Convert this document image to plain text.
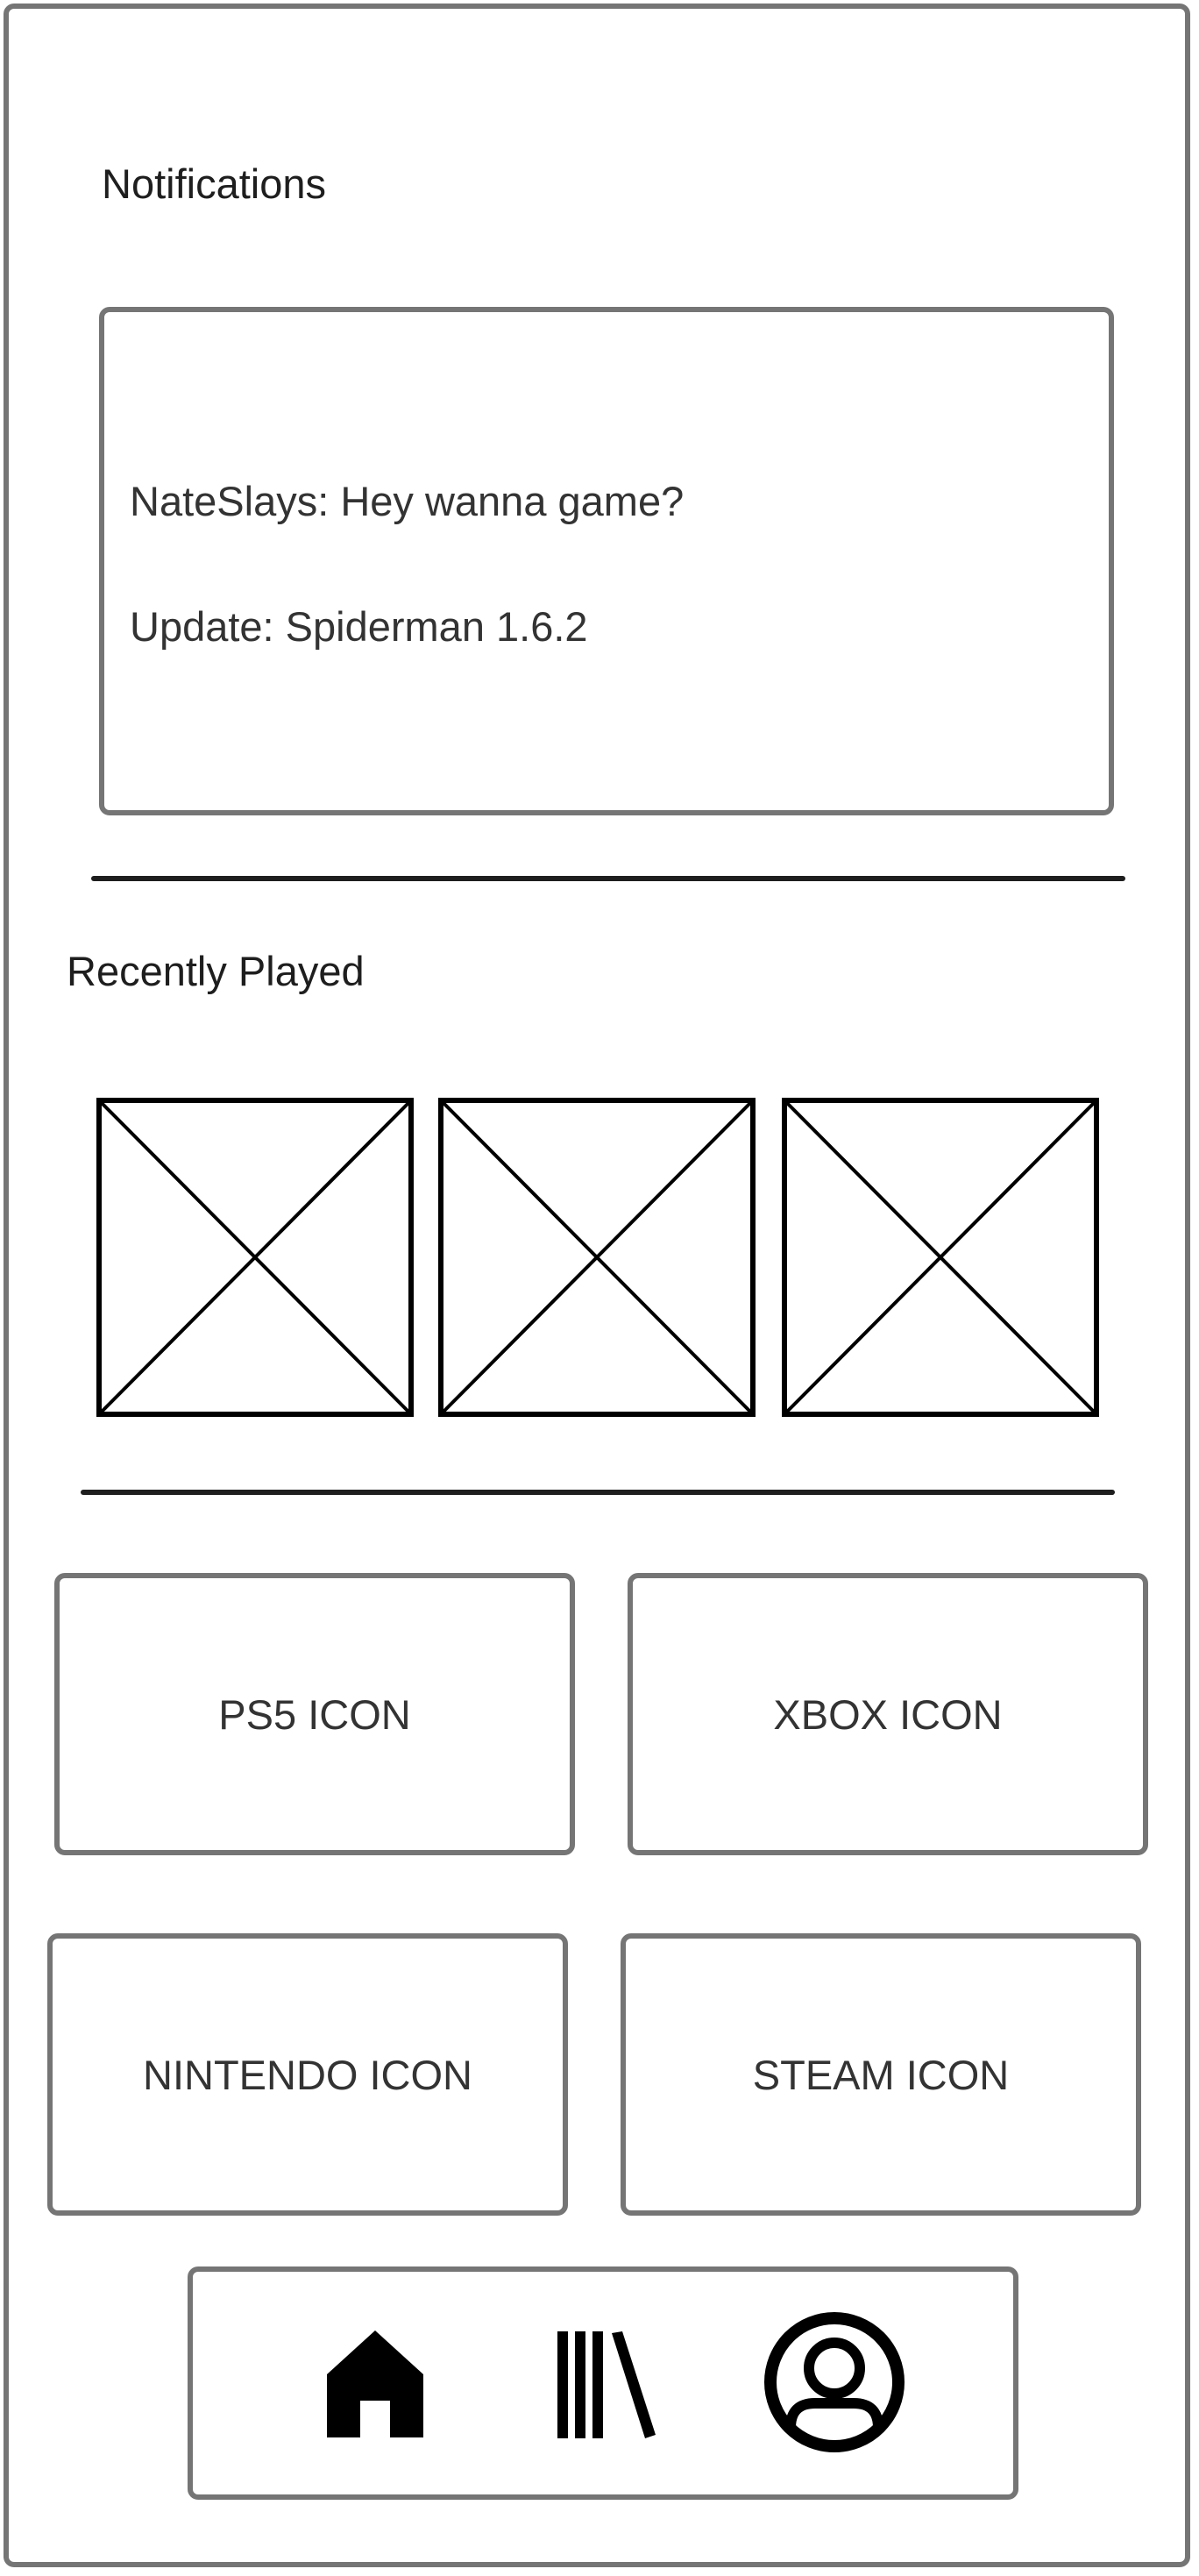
Notifications
NateSlays: Hey wanna game?
Update: Spiderman 1.6.2
Recently Played
PS5 ICON	XBOX ICON
NINTENDO ICON	STEAM ICON
